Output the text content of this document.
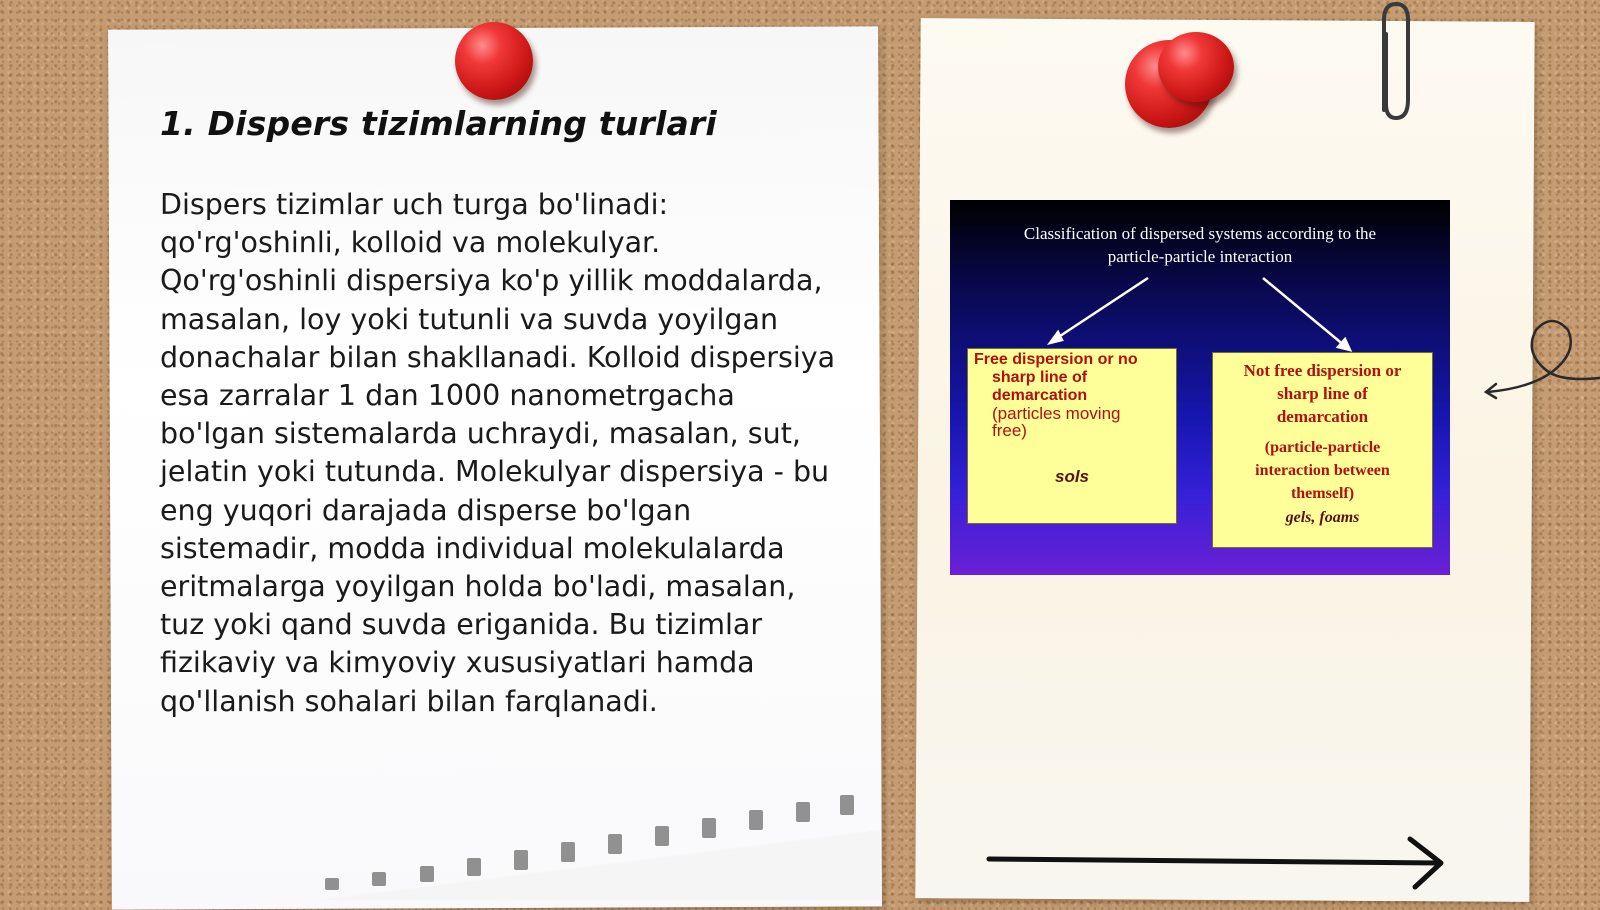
1. Dispers tizimlarning turlari

Dispers tizimlar uch turga bo'linadi: qo'rg'oshinli, kolloid va molekulyar. Qo'rg'oshinli dispersiya ko'p yillik moddalarda, masalan, loy yoki tutunli va suvda yoyilgan donachalar bilan shakllanadi. Kolloid dispersiya esa zarralar 1 dan 1000 nanometrgacha bo'lgan sistemalarda uchraydi, masalan, sut, jelatin yoki tutunda. Molekulyar dispersiya - bu eng yuqori darajada disperse bo'lgan sistemadir, modda individual molekulalarda eritmalarga yoyilgan holda bo'ladi, masalan, tuz yoki qand suvda eriganida. Bu tizimlar fizikaviy va kimyoviy xususiyatlari hamda qo'llanish sohalari bilan farqlanadi.

Classification of dispersed systems according to the
particle-particle interaction

Free dispersion or no
sharp line of
demarcation

(particles moving
free)

sols

Not free dispersion or
sharp line of
demarcation

(particle-particle
interaction between
themself)

gels, foams
